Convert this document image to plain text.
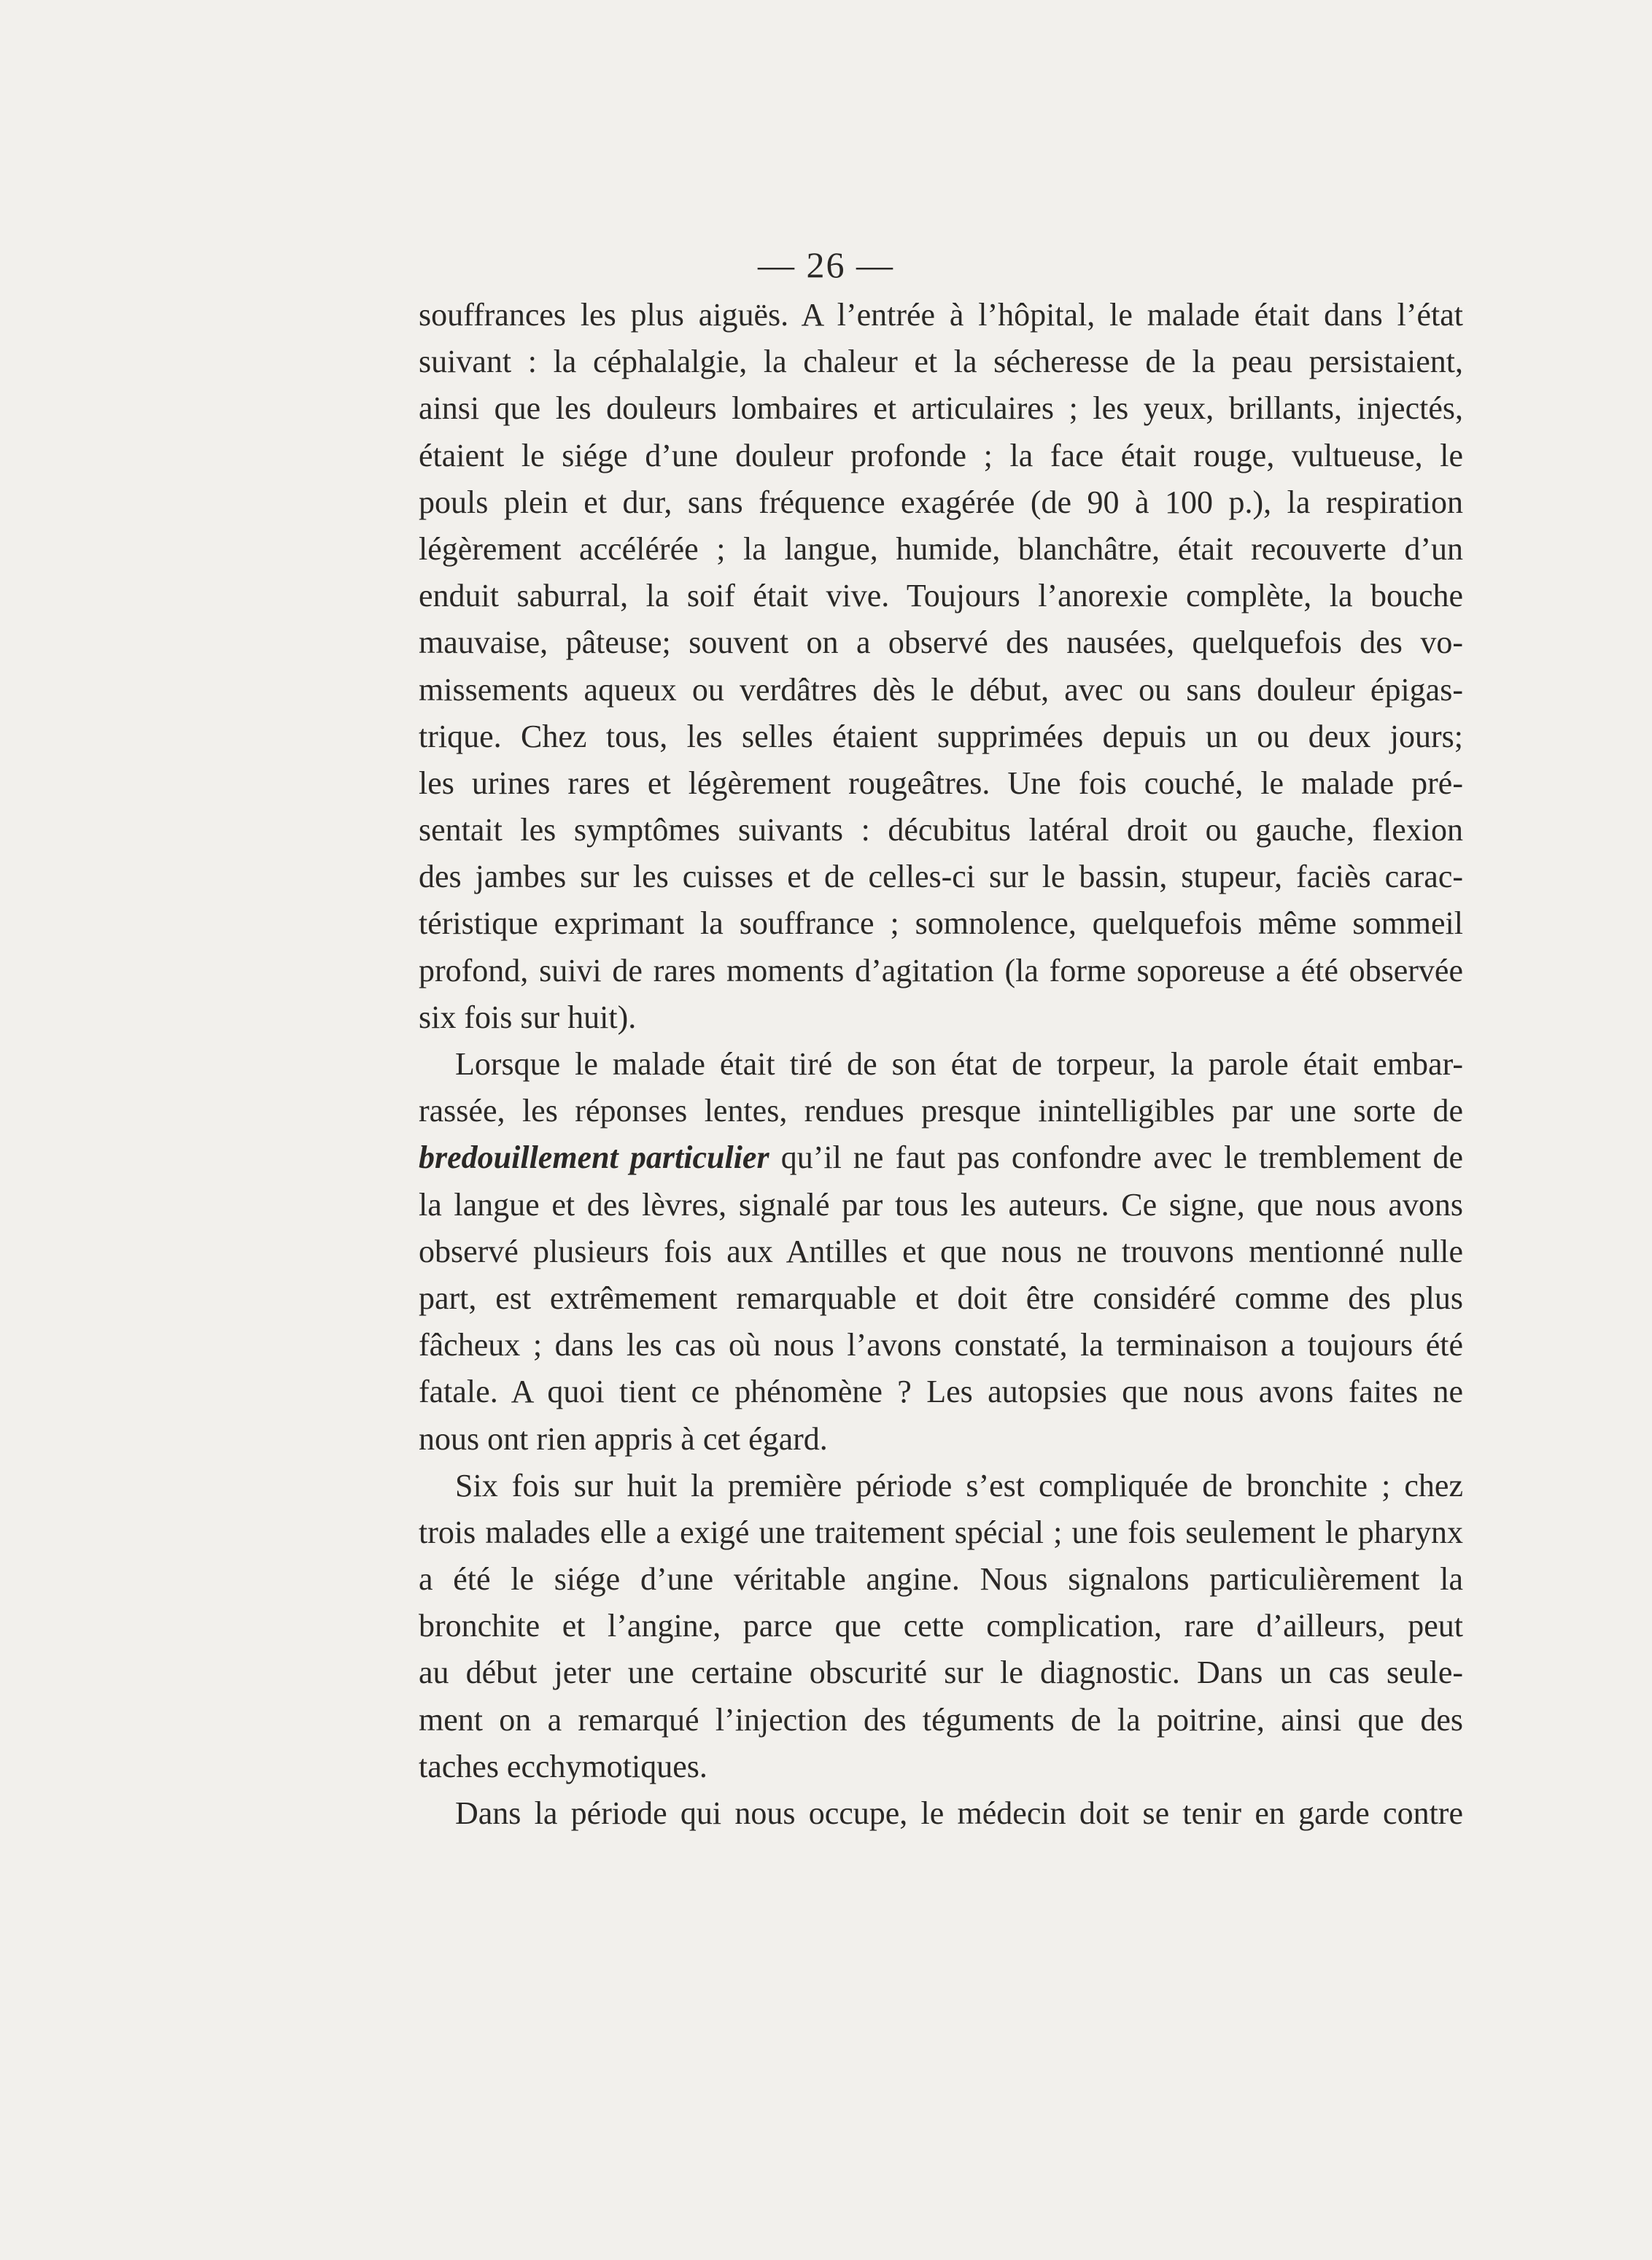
— 26 —

souffrances les plus aiguës. A l’entrée à l’hôpital, le malade était dans l’état
suivant : la céphalalgie, la chaleur et la sécheresse de la peau persistaient,
ainsi que les douleurs lombaires et articulaires ; les yeux, brillants, injectés,
étaient le siége d’une douleur profonde ; la face était rouge, vultueuse, le
pouls plein et dur, sans fréquence exagérée (de 90 à 100 p.), la respiration
légèrement accélérée ; la langue, humide, blanchâtre, était recouverte d’un
enduit saburral, la soif était vive. Toujours l’anorexie complète, la bouche
mauvaise, pâteuse; souvent on a observé des nausées, quelquefois des vo-
missements aqueux ou verdâtres dès le début, avec ou sans douleur épigas-
trique. Chez tous, les selles étaient supprimées depuis un ou deux jours;
les urines rares et légèrement rougeâtres. Une fois couché, le malade pré-
sentait les symptômes suivants : décubitus latéral droit ou gauche, flexion
des jambes sur les cuisses et de celles-ci sur le bassin, stupeur, faciès carac-
téristique exprimant la souffrance ; somnolence, quelquefois même sommeil
profond, suivi de rares moments d’agitation (la forme soporeuse a été observée
six fois sur huit).

Lorsque le malade était tiré de son état de torpeur, la parole était embar-
rassée, les réponses lentes, rendues presque inintelligibles par une sorte de
bredouillement particulier qu’il ne faut pas confondre avec le tremblement de
la langue et des lèvres, signalé par tous les auteurs. Ce signe, que nous avons
observé plusieurs fois aux Antilles et que nous ne trouvons mentionné nulle
part, est extrêmement remarquable et doit être considéré comme des plus
fâcheux ; dans les cas où nous l’avons constaté, la terminaison a toujours été
fatale. A quoi tient ce phénomène ? Les autopsies que nous avons faites ne
nous ont rien appris à cet égard.

Six fois sur huit la première période s’est compliquée de bronchite ; chez
trois malades elle a exigé une traitement spécial ; une fois seulement le pharynx
a été le siége d’une véritable angine. Nous signalons particulièrement la
bronchite et l’angine, parce que cette complication, rare d’ailleurs, peut
au début jeter une certaine obscurité sur le diagnostic. Dans un cas seule-
ment on a remarqué l’injection des téguments de la poitrine, ainsi que des
taches ecchymotiques.

Dans la période qui nous occupe, le médecin doit se tenir en garde contre
